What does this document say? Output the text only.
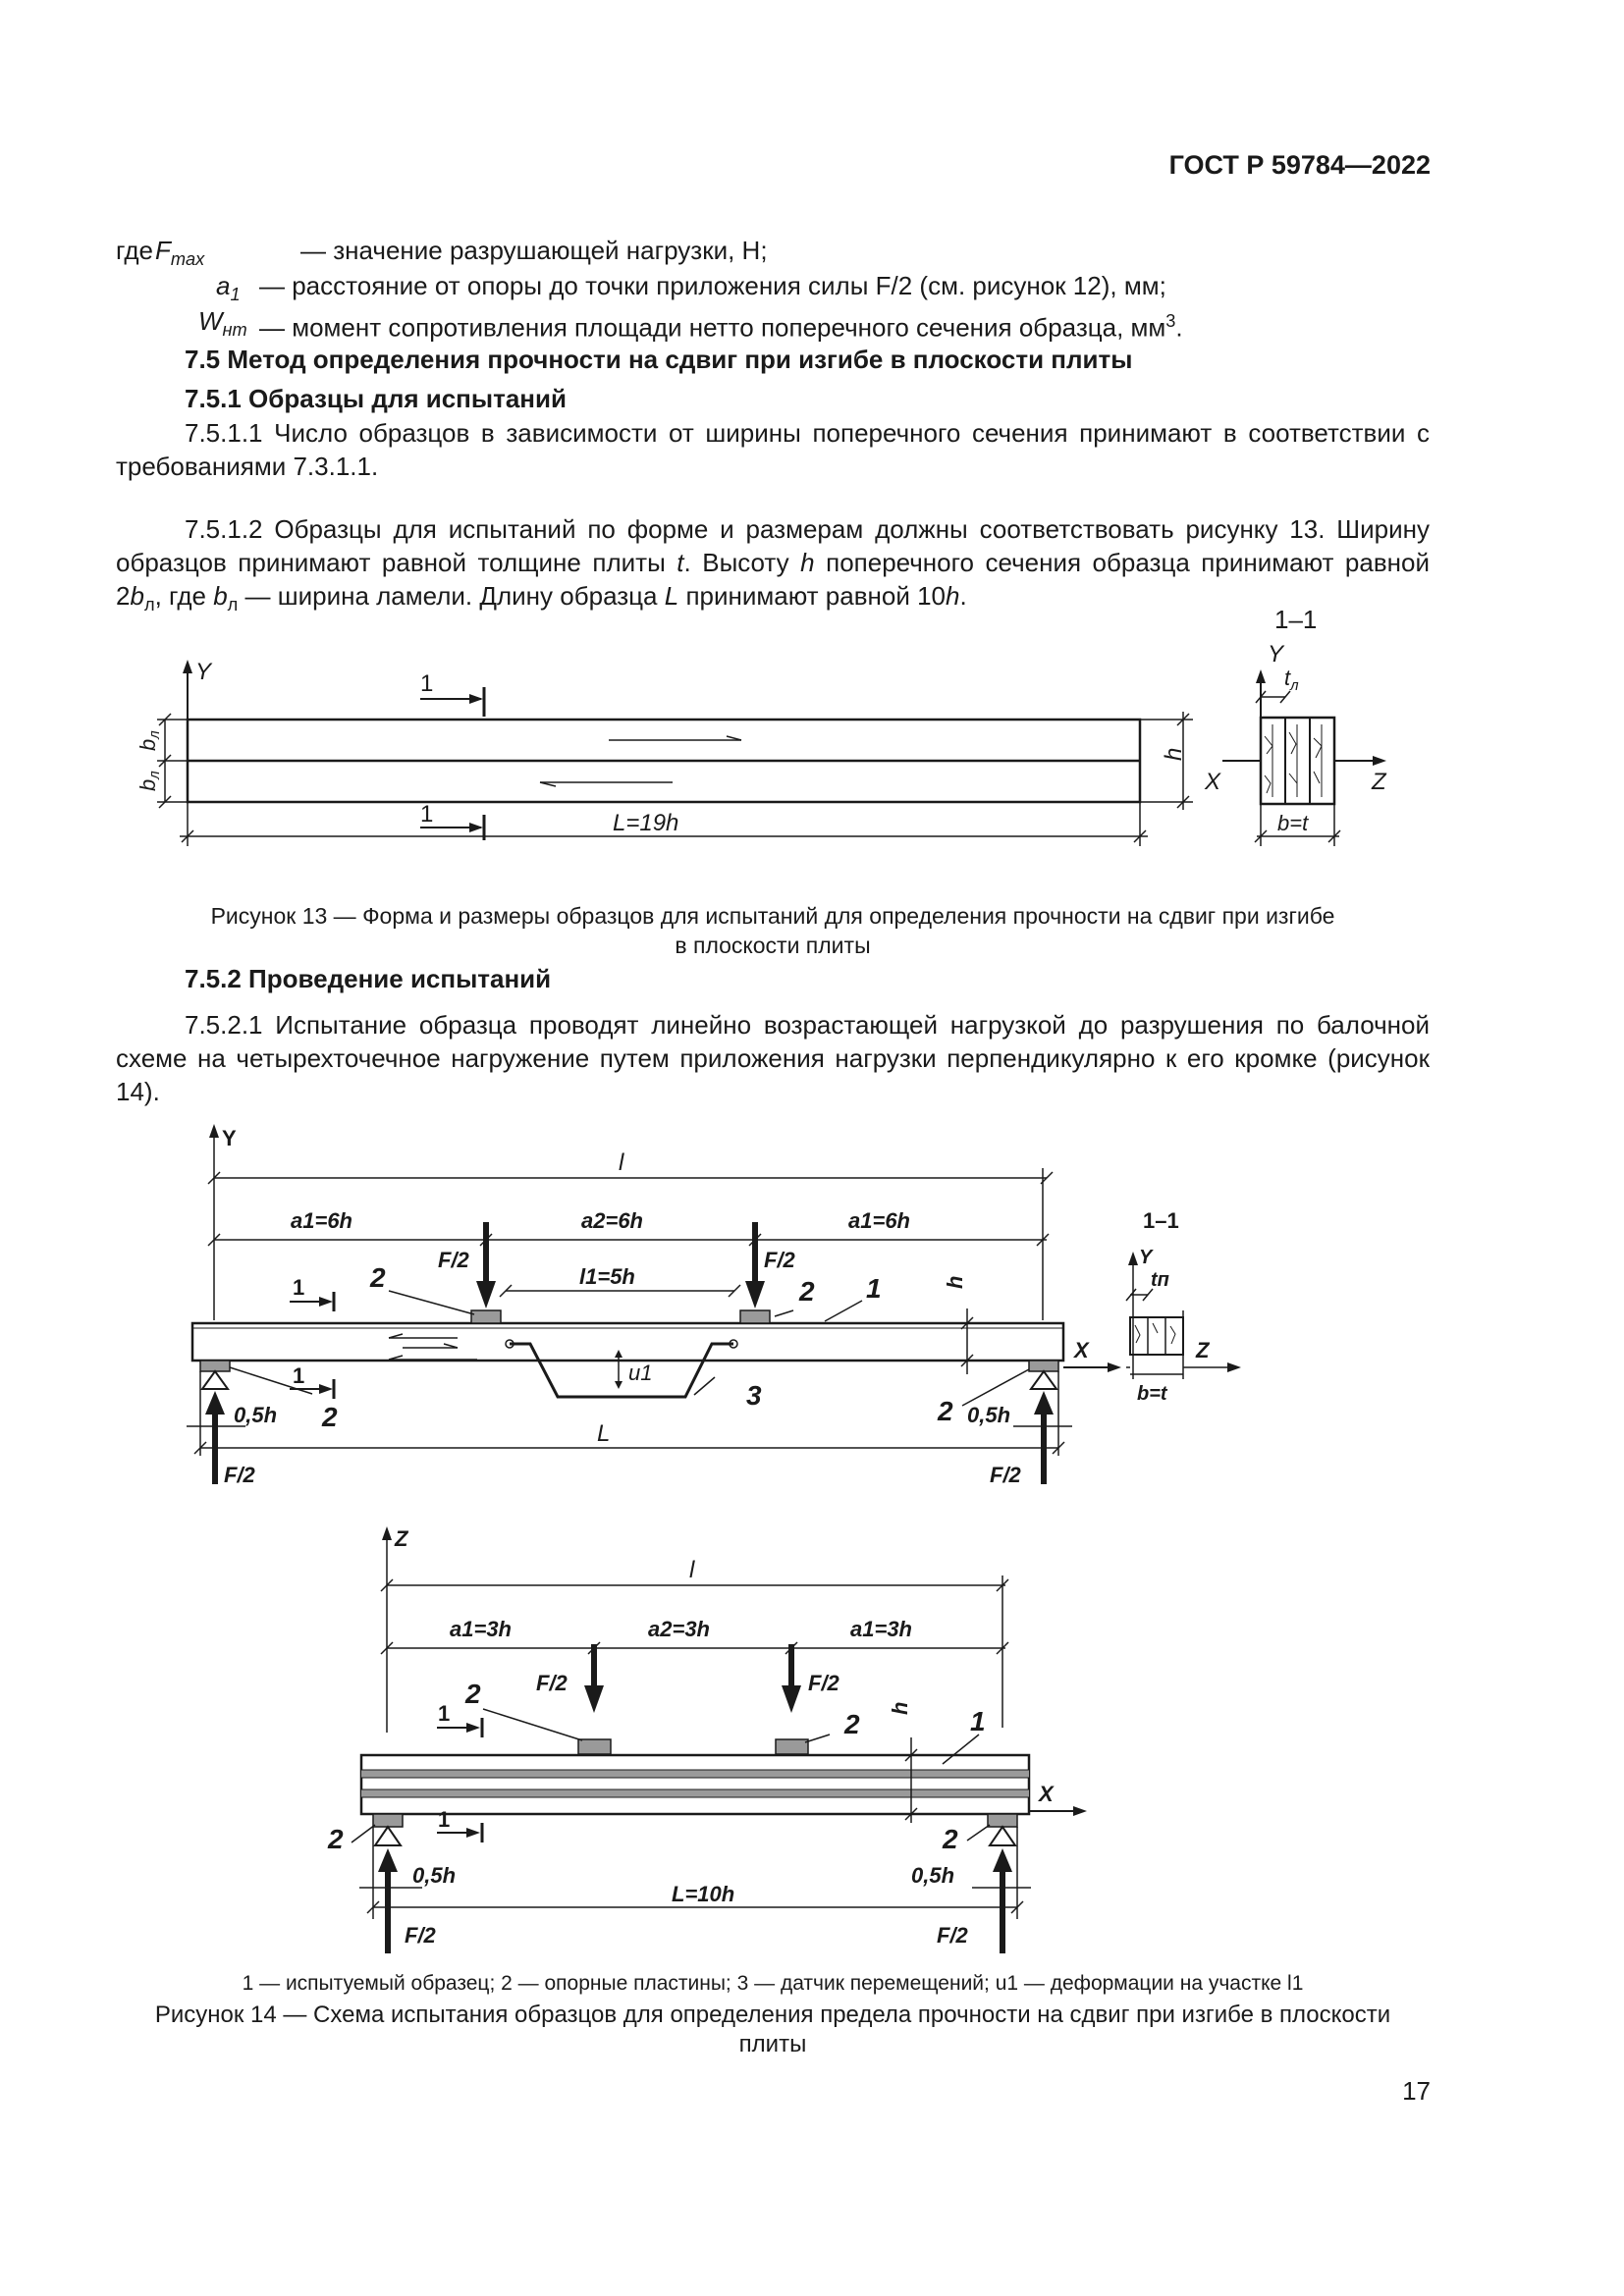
ГОСТ Р 59784—2022
где $F_{max}$	— значение разрушающей нагрузки, Н;
$a_1$ — расстояние от опоры до точки приложения силы F/2 (см. рисунок 12), мм;
$W_{нт}$ — момент сопротивления площади нетто поперечного сечения образца, $мм^3$.
7.5 Метод определения прочности на сдвиг при изгибе в плоскости плиты
7.5.1 Образцы для испытаний
7.5.1.1 Число образцов в зависимости от ширины поперечного сечения принимают в соответствии с требованиями 7.3.1.1.
7.5.1.2 Образцы для испытаний по форме и размерам должны соответствовать рисунку 13. Ширину образцов принимают равной толщине плиты t. Высоту h поперечного сечения образца принимают равной $2b_л$, где $b_л$ — ширина ламели. Длину образца L принимают равной 10h.
1–1
Y	1
1	L=19h
bл
bл
h
X
Y
Z
$t_л$
b=t
Рисунок 13 — Форма и размеры образцов для испытаний для определения прочности на сдвиг при изгибе
в плоскости плиты
7.5.2 Проведение испытаний
7.5.2.1 Испытание образца проводят линейно возрастающей нагрузкой до разрушения по балочной схеме на четырехточечное нагружение путем приложения нагрузки перпендикулярно к его кромке (рисунок 14).
Y
l
a1=6h	a2=6h	a1=6h
F/2	F/2
l1=5h
2	2 1
1
1	u1
3
2	2
0,5h	0,5h
L
F/2	F/2
h
X
1–1
Y
tп
Z
b=t
Z
l
a1=3h	a2=3h	a1=3h
F/2	F/2
2
2	1
1
1
2	2
h
X
0,5h	0,5h
L=10h
F/2	F/2
1 — испытуемый образец; 2 — опорные пластины; 3 — датчик перемещений; u1 — деформации на участке l1
Рисунок 14 — Схема испытания образцов для определения предела прочности на сдвиг при изгибе в плоскости
плиты
17
